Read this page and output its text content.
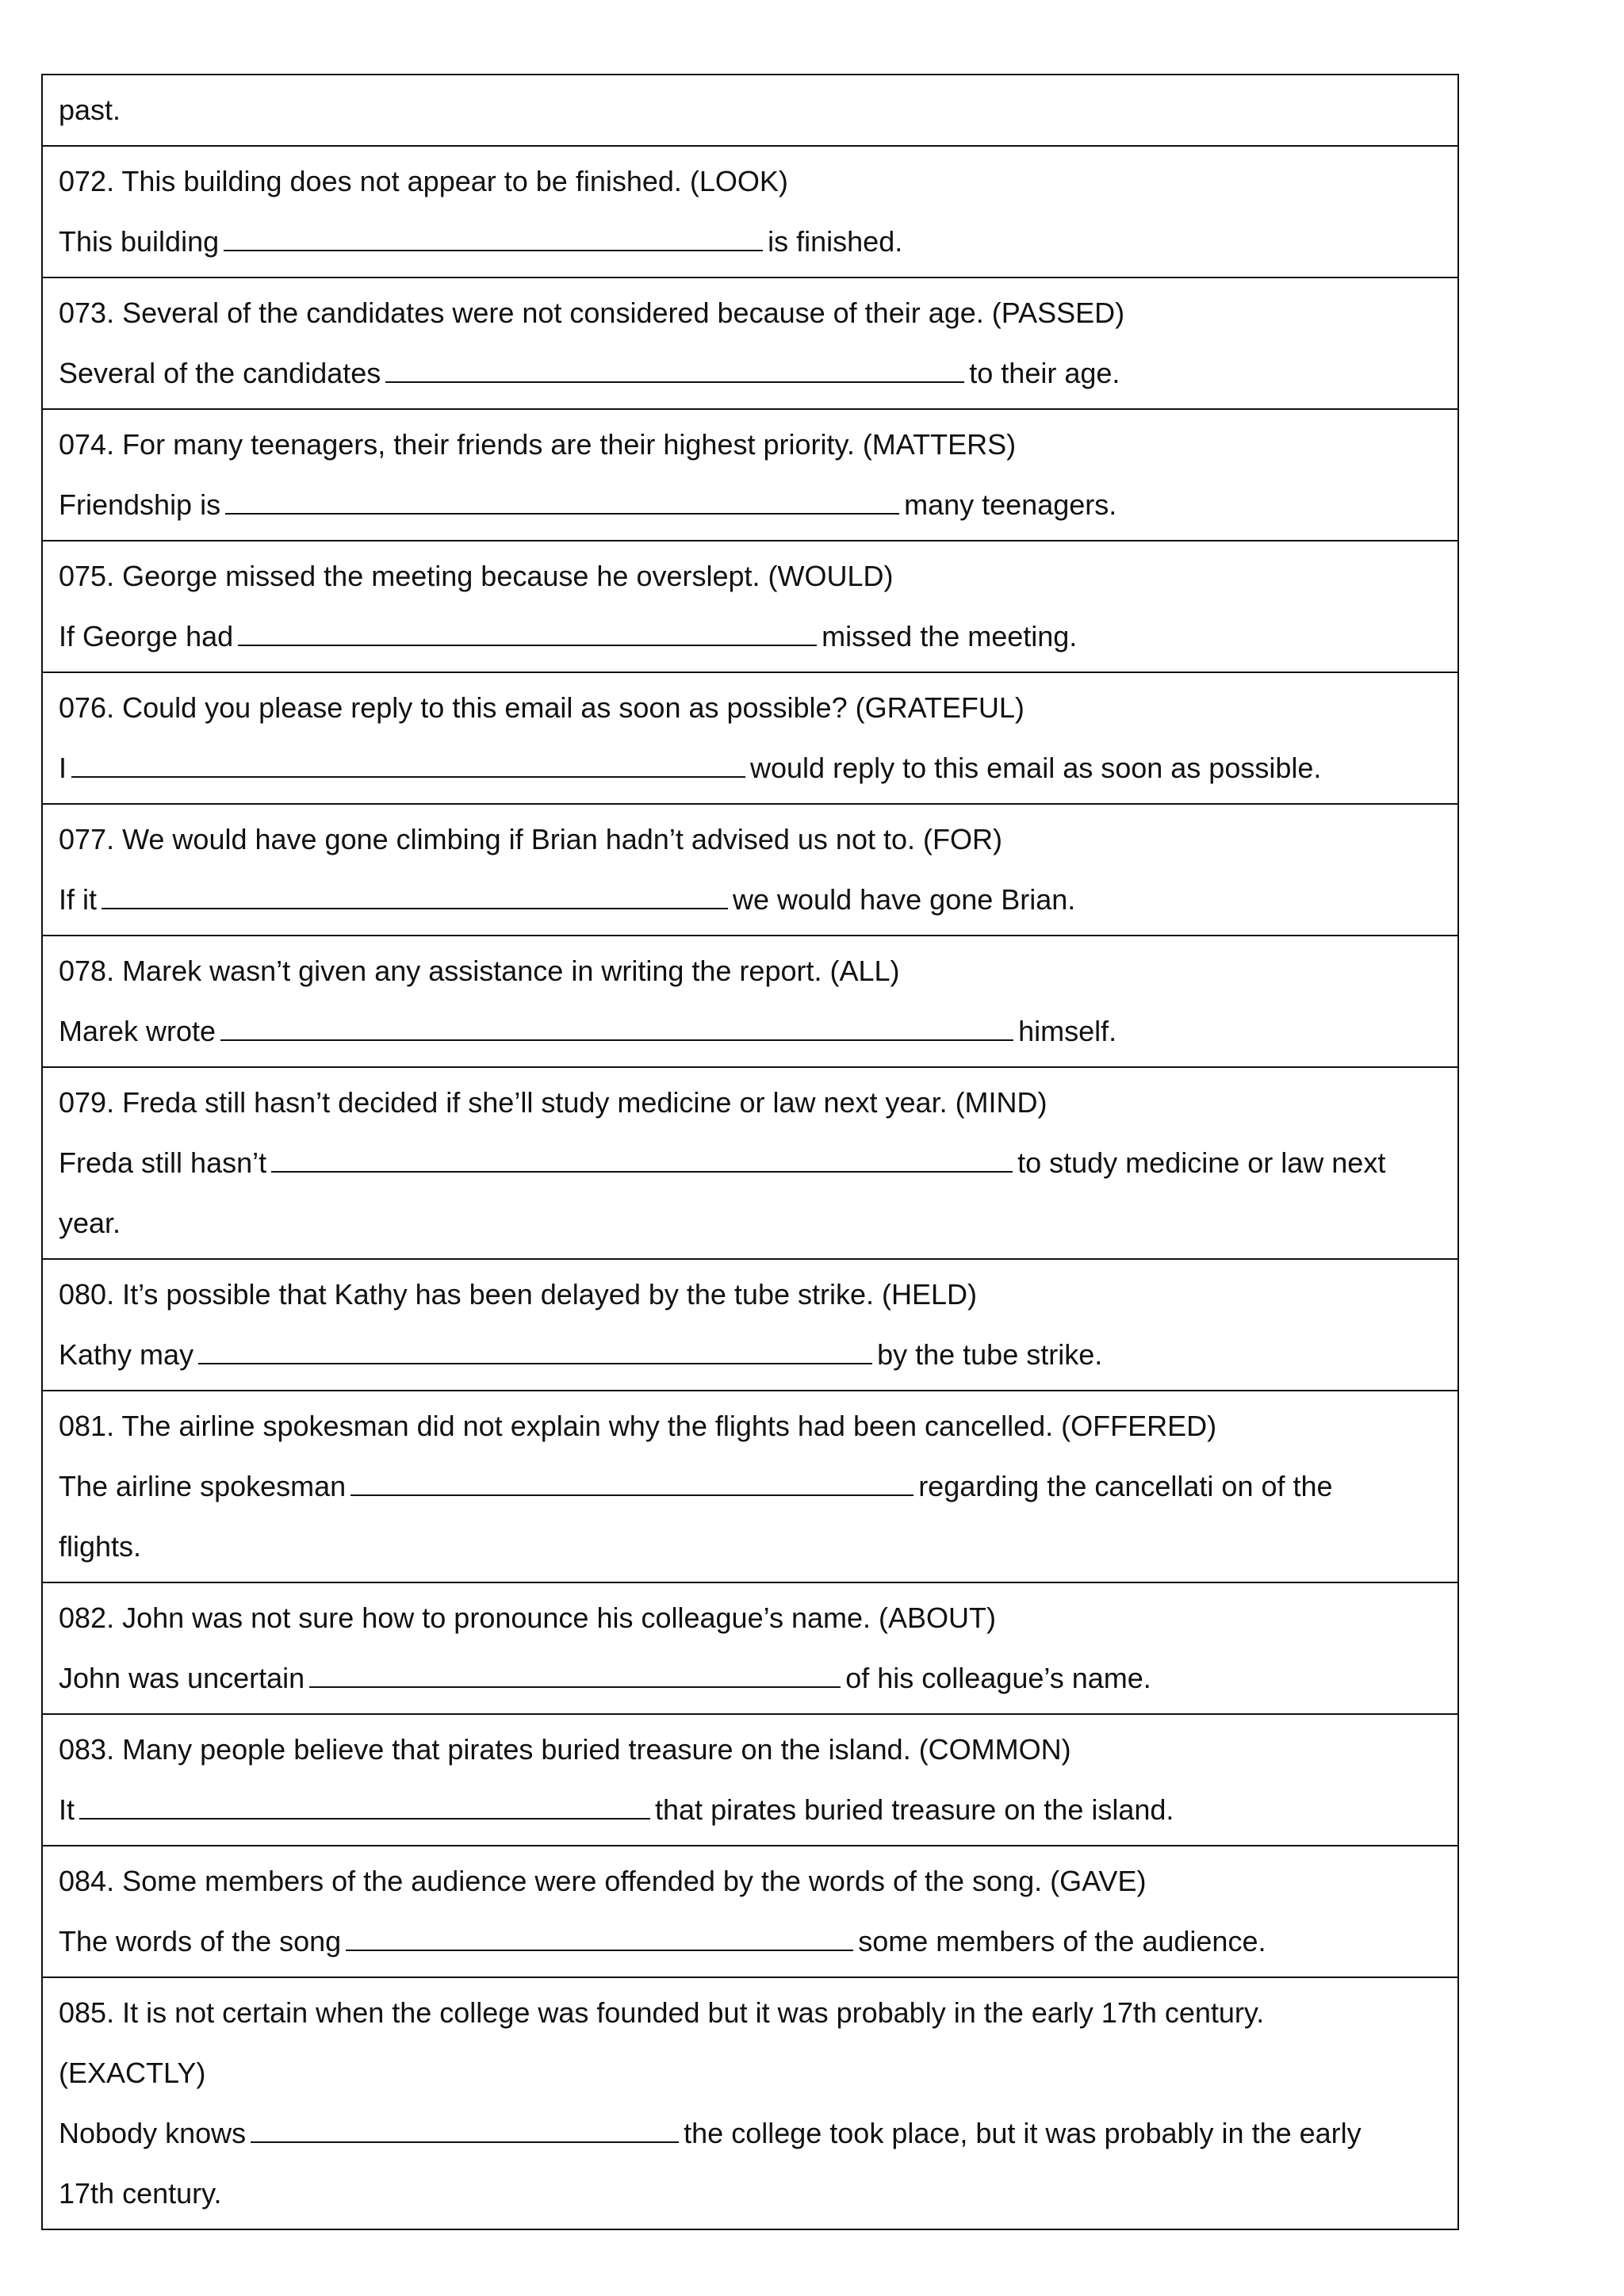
past.
072. This building does not appear to be finished. (LOOK)
This building	is finished.
073. Several of the candidates were not considered because of their age. (PASSED)
Several of the candidates	to their age.
074. For many teenagers, their friends are their highest priority. (MATTERS)
Friendship is	many teenagers.
075. George missed the meeting because he overslept. (WOULD)
If George had	missed the meeting.
076. Could you please reply to this email as soon as possible? (GRATEFUL)
I	would reply to this email as soon as possible.
077. We would have gone climbing if Brian hadn’t advised us not to. (FOR)
If it	we would have gone Brian.
078. Marek wasn’t given any assistance in writing the report. (ALL)
Marek wrote	himself.
079. Freda still hasn’t decided if she’ll study medicine or law next year. (MIND)
Freda still hasn’t	to study medicine or law next
year.
080. It’s possible that Kathy has been delayed by the tube strike. (HELD)
Kathy may	by the tube strike.
081. The airline spokesman did not explain why the flights had been cancelled. (OFFERED)
The airline spokesman	regarding the cancellati on of the
flights.
082. John was not sure how to pronounce his colleague’s name. (ABOUT)
John was uncertain	of his colleague’s name.
083. Many people believe that pirates buried treasure on the island. (COMMON)
It	that pirates buried treasure on the island.
084. Some members of the audience were offended by the words of the song. (GAVE)
The words of the song	some members of the audience.
085. It is not certain when the college was founded but it was probably in the early 17th century.
(EXACTLY)
Nobody knows	the college took place, but it was probably in the early
17th century.
